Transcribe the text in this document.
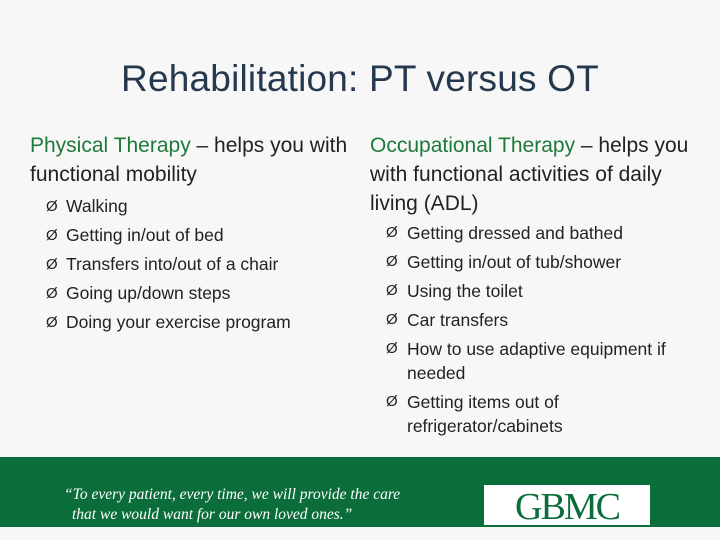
Rehabilitation: PT versus OT
Physical Therapy – helps you with functional mobility
Ø Walking
Ø Getting in/out of bed
Ø Transfers into/out of a chair
Ø Going up/down steps
Ø Doing your exercise program
Occupational Therapy – helps you with functional activities of daily living (ADL)
Ø Getting dressed and bathed
Ø Getting in/out of tub/shower
Ø Using the toilet
Ø Car transfers
Ø How to use adaptive equipment if needed
Ø Getting items out of refrigerator/cabinets
“To every patient, every time, we will provide the care
that we would want for our own loved ones.”	GBMC
